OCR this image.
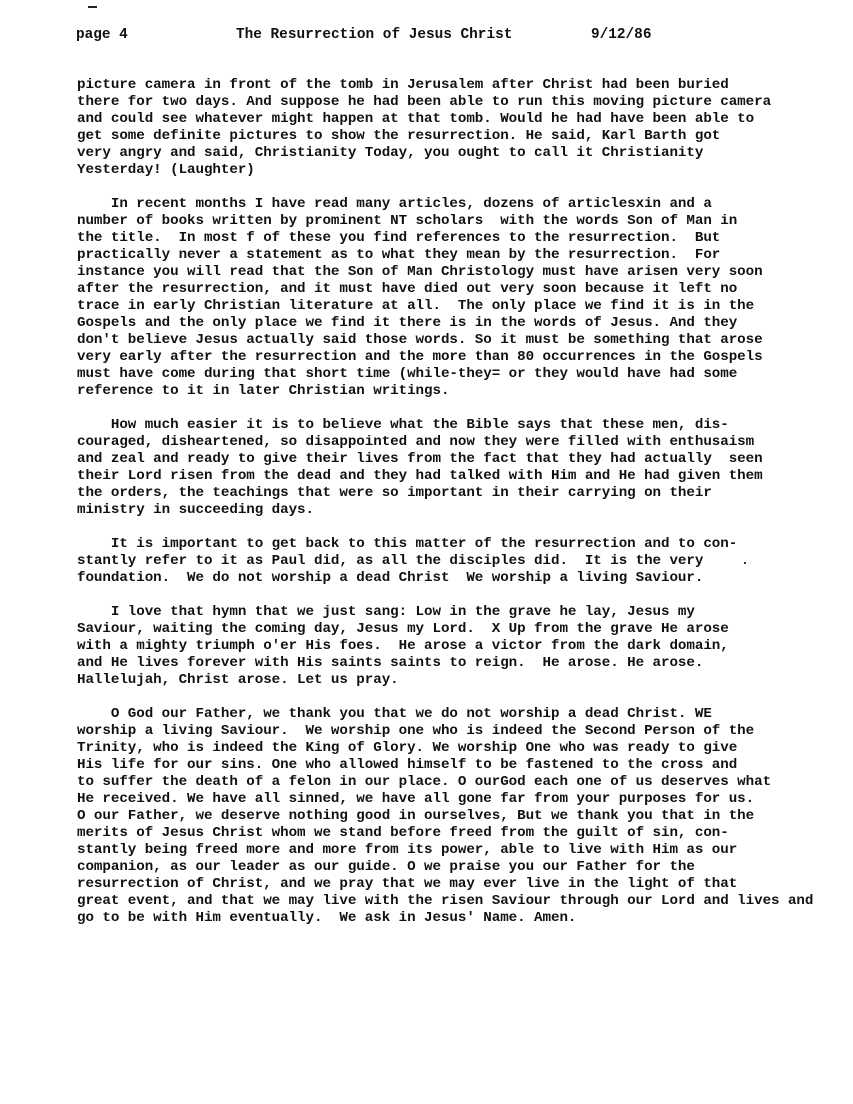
page 4	The Resurrection of Jesus Christ	9/12/86

picture camera in front of the tomb in Jerusalem after Christ had been buried
there for two days. And suppose he had been able to run this moving picture camera
and could see whatever might happen at that tomb. Would he had have been able to
get some definite pictures to show the resurrection. He said, Karl Barth got
very angry and said, Christianity Today, you ought to call it Christianity
Yesterday! (Laughter)

In recent months I have read many articles, dozens of articlesxin and a
number of books written by prominent NT scholars  with the words Son of Man in
the title.  In most f of these you find references to the resurrection.  But
practically never a statement as to what they mean by the resurrection.  For
instance you will read that the Son of Man Christology must have arisen very soon
after the resurrection, and it must have died out very soon because it left no
trace in early Christian literature at all.  The only place we find it is in the
Gospels and the only place we find it there is in the words of Jesus. And they
don't believe Jesus actually said those words. So it must be something that arose
very early after the resurrection and the more than 80 occurrences in the Gospels
must have come during that short time (while-they= or they would have had some
reference to it in later Christian writings.

How much easier it is to believe what the Bible says that these men, dis-
couraged, disheartened, so disappointed and now they were filled with enthusaism
and zeal and ready to give their lives from the fact that they had actually  seen
their Lord risen from the dead and they had talked with Him and He had given them
the orders, the teachings that were so important in their carrying on their
ministry in succeeding days.

It is important to get back to this matter of the resurrection and to con-
stantly refer to it as Paul did, as all the disciples did.  It is the very
foundation.  We do not worship a dead Christ  We worship a living Saviour.

I love that hymn that we just sang: Low in the grave he lay, Jesus my
Saviour, waiting the coming day, Jesus my Lord.  X Up from the grave He arose
with a mighty triumph o'er His foes.  He arose a victor from the dark domain,
and He lives forever with His saints saints to reign.  He arose. He arose.
Hallelujah, Christ arose. Let us pray.

O God our Father, we thank you that we do not worship a dead Christ. WE
worship a living Saviour.  We worship one who is indeed the Second Person of the
Trinity, who is indeed the King of Glory. We worship One who was ready to give
His life for our sins. One who allowed himself to be fastened to the cross and
to suffer the death of a felon in our place. O ourGod each one of us deserves what
He received. We have all sinned, we have all gone far from your purposes for us.
O our Father, we deserve nothing good in ourselves, But we thank you that in the
merits of Jesus Christ whom we stand before freed from the guilt of sin, con-
stantly being freed more and more from its power, able to live with Him as our
companion, as our leader as our guide. O we praise you our Father for the
resurrection of Christ, and we pray that we may ever live in the light of that
great event, and that we may live with the risen Saviour through our Lord and lives and
go to be with Him eventually.  We ask in Jesus' Name. Amen.
